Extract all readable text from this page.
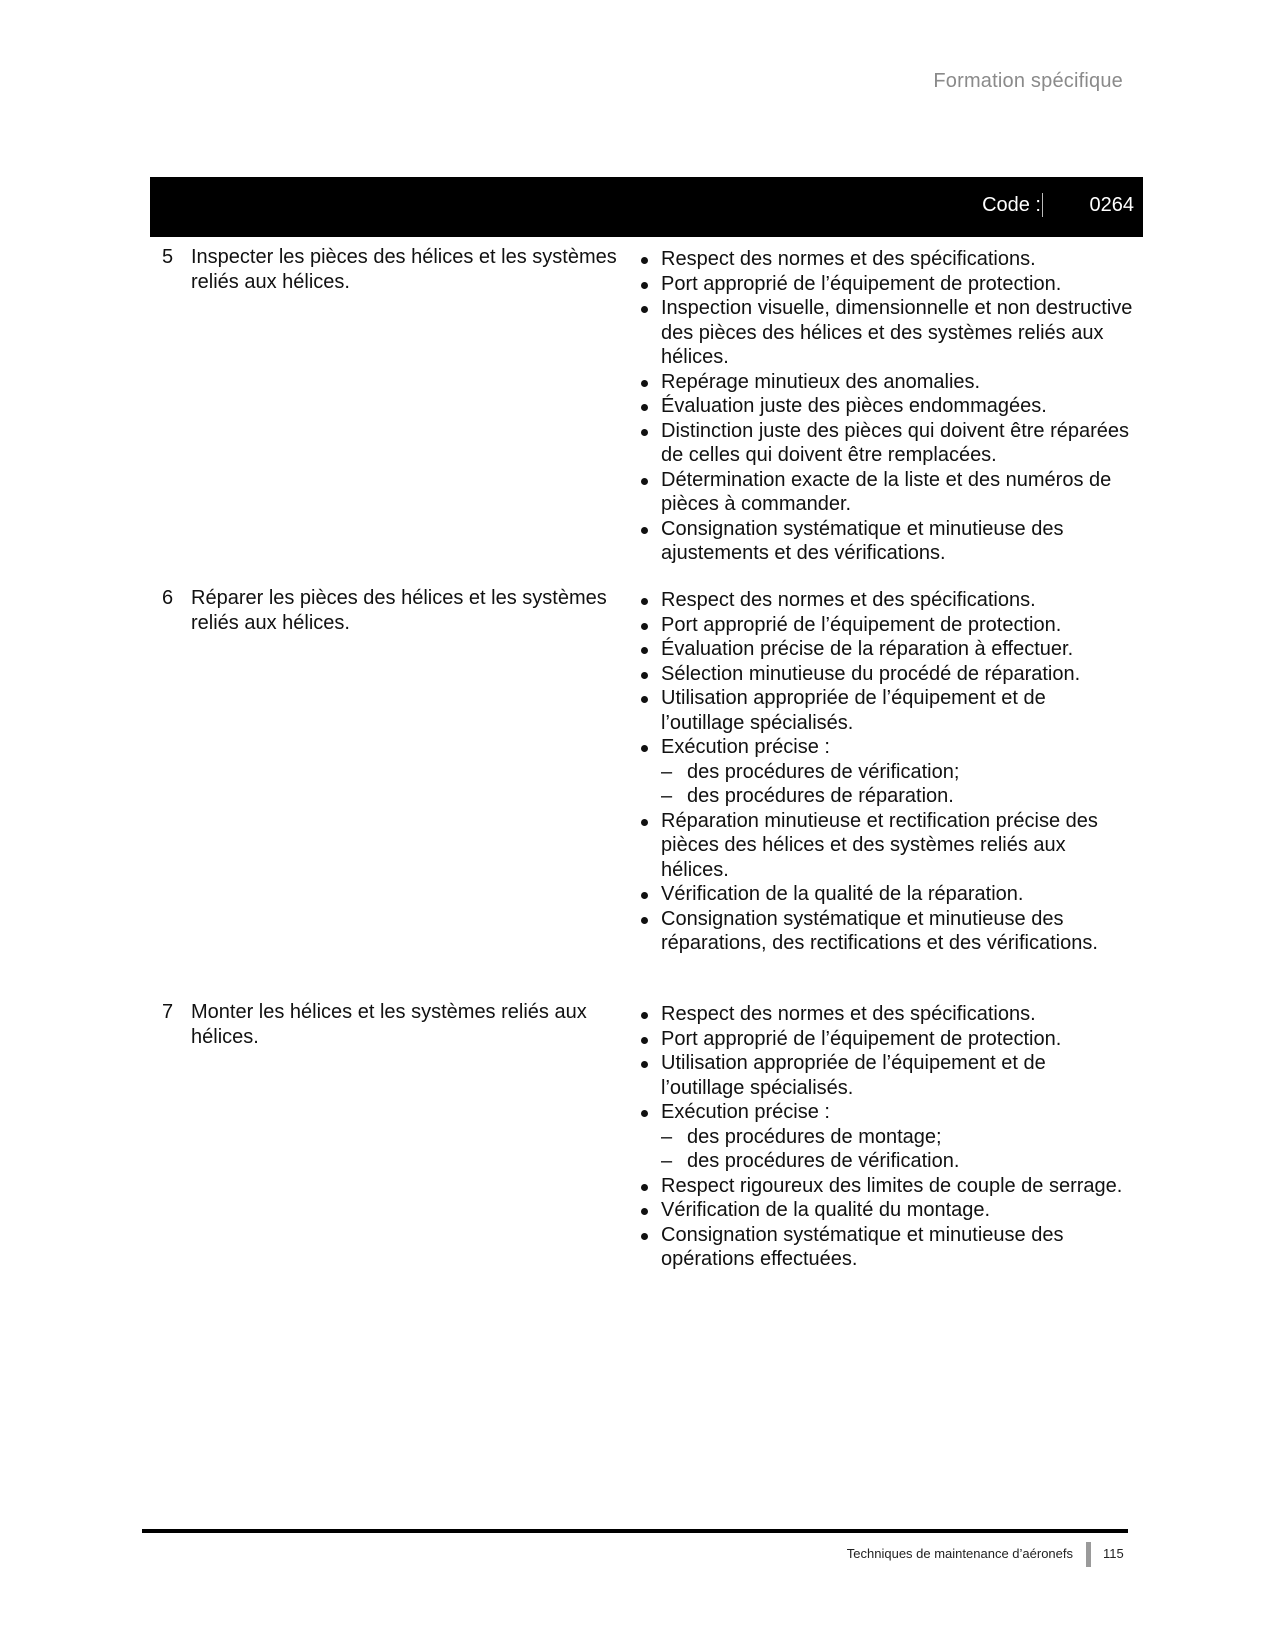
Formation spécifique
Code : 0264
5 Inspecter les pièces des hélices et les systèmes reliés aux hélices.
Respect des normes et des spécifications.
Port approprié de l’équipement de protection.
Inspection visuelle, dimensionnelle et non destructive des pièces des hélices et des systèmes reliés aux hélices.
Repérage minutieux des anomalies.
Évaluation juste des pièces endommagées.
Distinction juste des pièces qui doivent être réparées de celles qui doivent être remplacées.
Détermination exacte de la liste et des numéros de pièces à commander.
Consignation systématique et minutieuse des ajustements et des vérifications.
6 Réparer les pièces des hélices et les systèmes reliés aux hélices.
Respect des normes et des spécifications.
Port approprié de l’équipement de protection.
Évaluation précise de la réparation à effectuer.
Sélection minutieuse du procédé de réparation.
Utilisation appropriée de l’équipement et de l’outillage spécialisés.
Exécution précise :
– des procédures de vérification;
– des procédures de réparation.
Réparation minutieuse et rectification précise des pièces des hélices et des systèmes reliés aux hélices.
Vérification de la qualité de la réparation.
Consignation systématique et minutieuse des réparations, des rectifications et des vérifications.
7 Monter les hélices et les systèmes reliés aux hélices.
Respect des normes et des spécifications.
Port approprié de l’équipement de protection.
Utilisation appropriée de l’équipement et de l’outillage spécialisés.
Exécution précise :
– des procédures de montage;
– des procédures de vérification.
Respect rigoureux des limites de couple de serrage.
Vérification de la qualité du montage.
Consignation systématique et minutieuse des opérations effectuées.
Techniques de maintenance d’aéronefs 115
